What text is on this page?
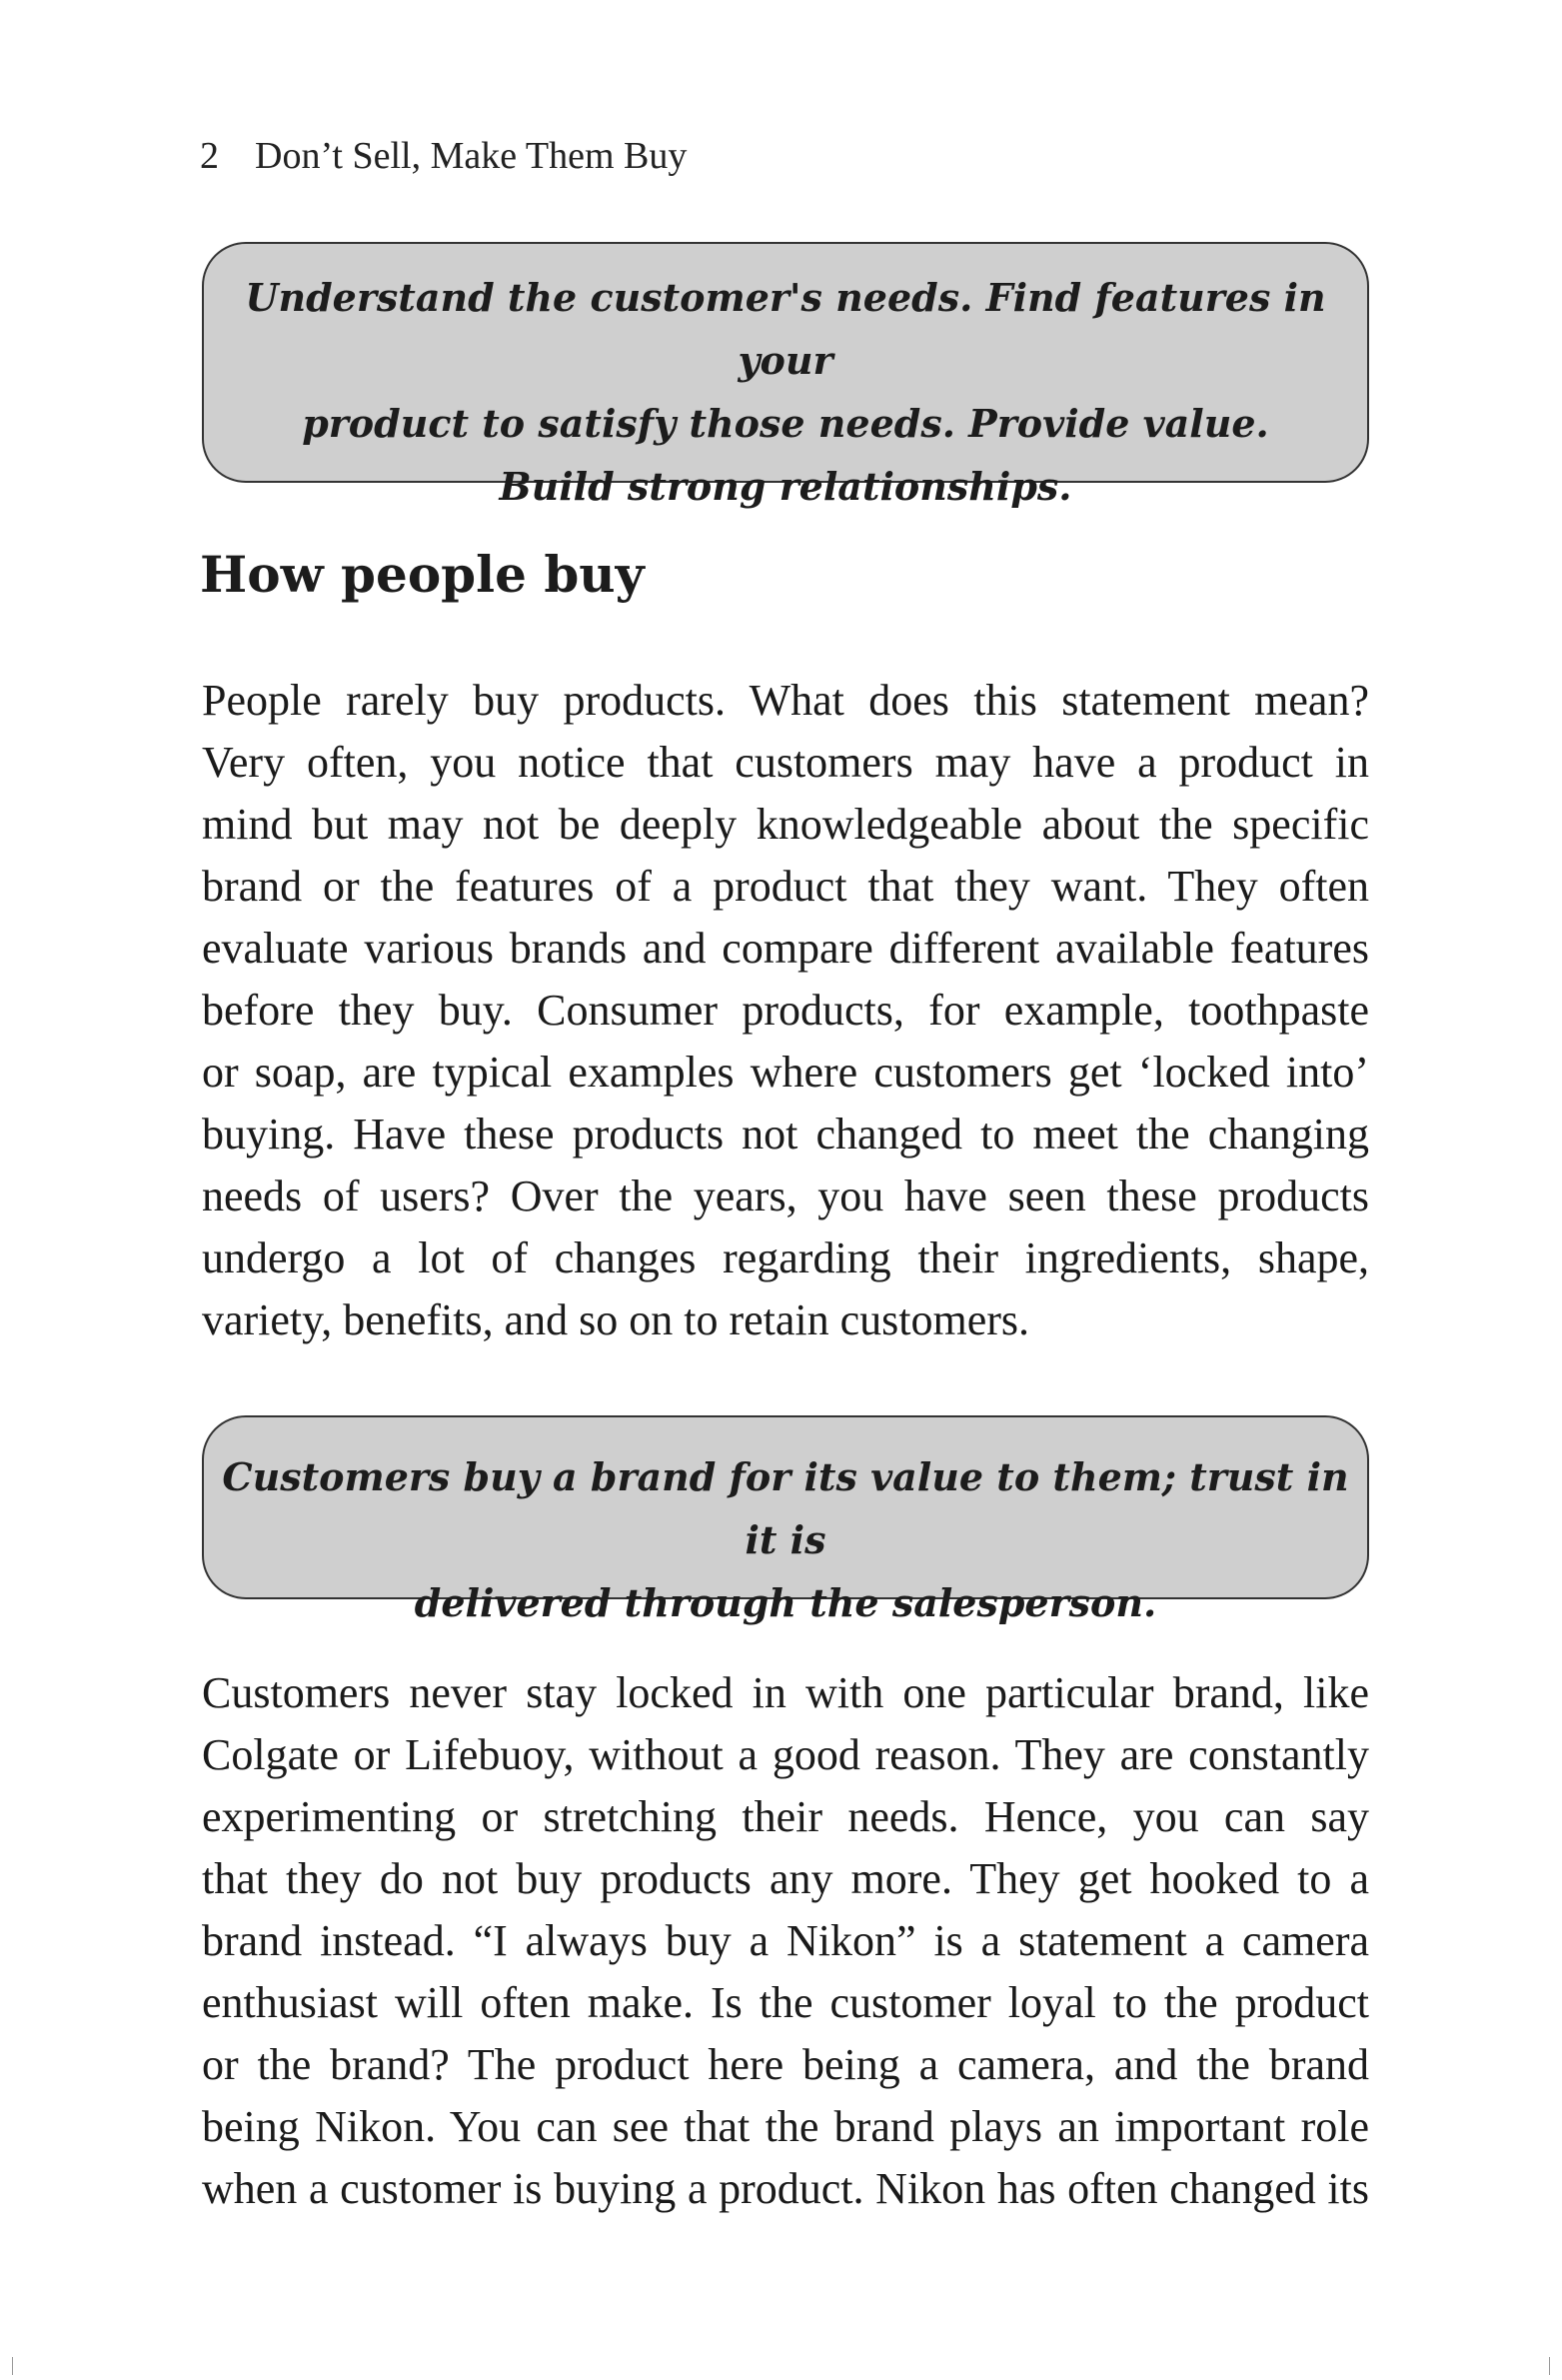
2 Don’t Sell, Make Them Buy

Understand the customer's needs. Find features in your

product to satisfy those needs. Provide value.

Build strong relationships.

How people buy
People rarely buy products. What does this statement mean?
Very often, you notice that customers may have a product in
mind but may not be deeply knowledgeable about the specific
brand or the features of a product that they want. They often
evaluate various brands and compare different available features
before they buy. Consumer products, for example, toothpaste
or soap, are typical examples where customers get ‘locked into’
buying. Have these products not changed to meet the changing
needs of users? Over the years, you have seen these products
undergo a lot of changes regarding their ingredients, shape,
variety, benefits, and so on to retain customers.

Customers buy a brand for its value to them; trust in it is

delivered through the salesperson.

Customers never stay locked in with one particular brand, like
Colgate or Lifebuoy, without a good reason. They are constantly
experimenting or stretching their needs. Hence, you can say
that they do not buy products any more. They get hooked to a
brand instead. “I always buy a Nikon” is a statement a camera
enthusiast will often make. Is the customer loyal to the product
or the brand? The product here being a camera, and the brand
being Nikon. You can see that the brand plays an important role
when a customer is buying a product. Nikon has often changed its
